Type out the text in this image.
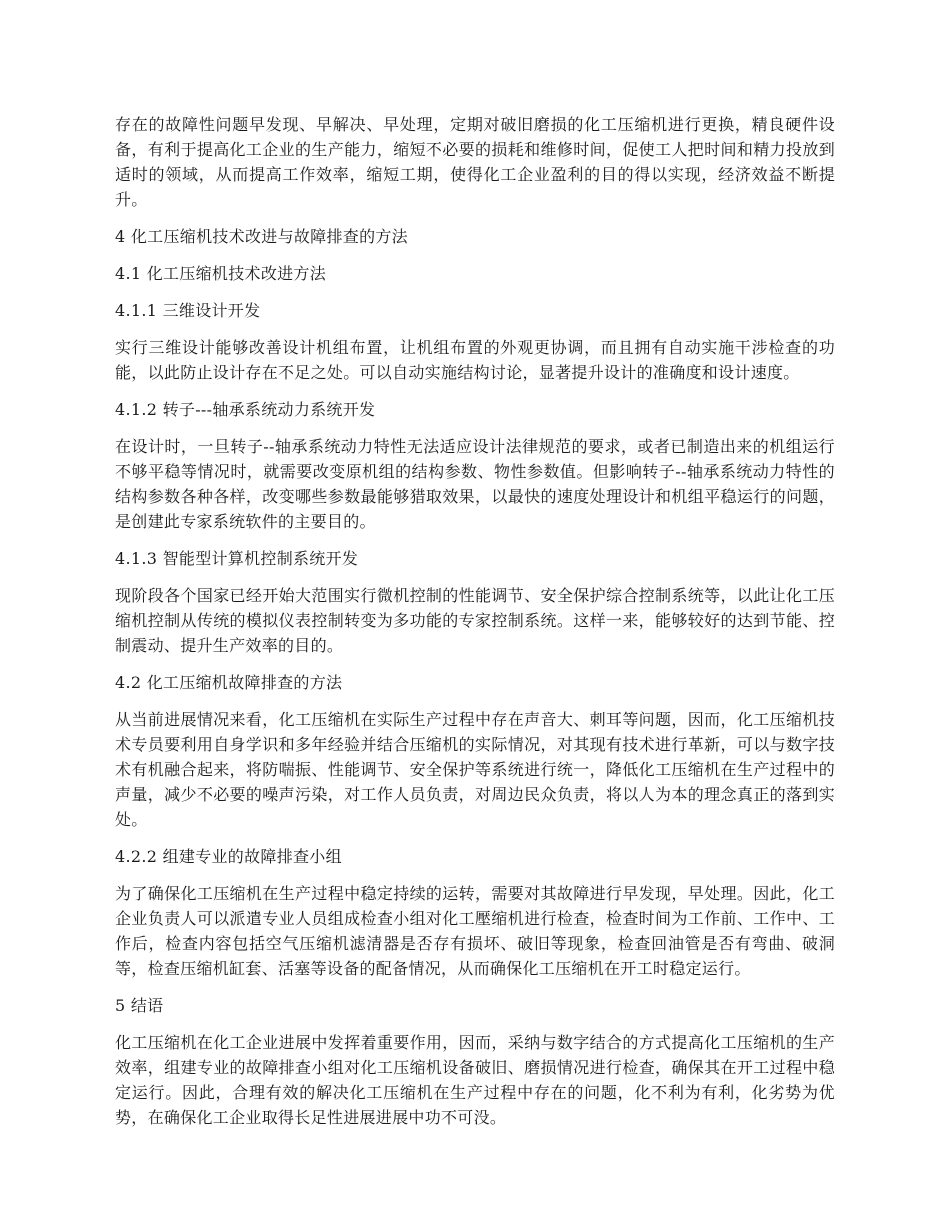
存在的故障性问题早发现、早解决、早处理，定期对破旧磨损的化工压缩机进行更换，精良硬件设备，有利于提高化工企业的生产能力，缩短不必要的损耗和维修时间，促使工人把时间和精力投放到适时的领域，从而提高工作效率，缩短工期，使得化工企业盈利的目的得以实现，经济效益不断提升。

4 化工压缩机技术改进与故障排查的方法

4.1 化工压缩机技术改进方法

4.1.1 三维设计开发

实行三维设计能够改善设计机组布置，让机组布置的外观更协调，而且拥有自动实施干涉检查的功能，以此防止设计存在不足之处。可以自动实施结构讨论，显著提升设计的准确度和设计速度。

4.1.2 转子---轴承系统动力系统开发

在设计时，一旦转子--轴承系统动力特性无法适应设计法律规范的要求，或者已制造出来的机组运行不够平稳等情况时，就需要改变原机组的结构参数、物性参数值。但影响转子--轴承系统动力特性的结构参数各种各样，改变哪些参数最能够猎取效果，以最快的速度处理设计和机组平稳运行的问题，是创建此专家系统软件的主要目的。

4.1.3 智能型计算机控制系统开发

现阶段各个国家已经开始大范围实行微机控制的性能调节、安全保护综合控制系统等，以此让化工压缩机控制从传统的模拟仪表控制转变为多功能的专家控制系统。这样一来，能够较好的达到节能、控制震动、提升生产效率的目的。

4.2 化工压缩机故障排查的方法

从当前进展情况来看，化工压缩机在实际生产过程中存在声音大、刺耳等问题，因而，化工压缩机技术专员要利用自身学识和多年经验并结合压缩机的实际情况，对其现有技术进行革新，可以与数字技术有机融合起来，将防喘振、性能调节、安全保护等系统进行统一，降低化工压缩机在生产过程中的声量，减少不必要的噪声污染，对工作人员负责，对周边民众负责，将以人为本的理念真正的落到实处。

4.2.2 组建专业的故障排查小组

为了确保化工压缩机在生产过程中稳定持续的运转，需要对其故障进行早发现，早处理。因此，化工企业负责人可以派遣专业人员组成检查小组对化工壓缩机进行检查，检查时间为工作前、工作中、工作后，检查内容包括空气压缩机滤清器是否存有损坏、破旧等现象，检查回油管是否有弯曲、破洞等，检查压缩机缸套、活塞等设备的配备情况，从而确保化工压缩机在开工时稳定运行。

5 结语

化工压缩机在化工企业进展中发挥着重要作用，因而，采纳与数字结合的方式提高化工压缩机的生产效率，组建专业的故障排查小组对化工压缩机设备破旧、磨损情况进行检查，确保其在开工过程中稳定运行。因此，合理有效的解决化工压缩机在生产过程中存在的问题，化不利为有利，化劣势为优势，在确保化工企业取得长足性进展进展中功不可没。
